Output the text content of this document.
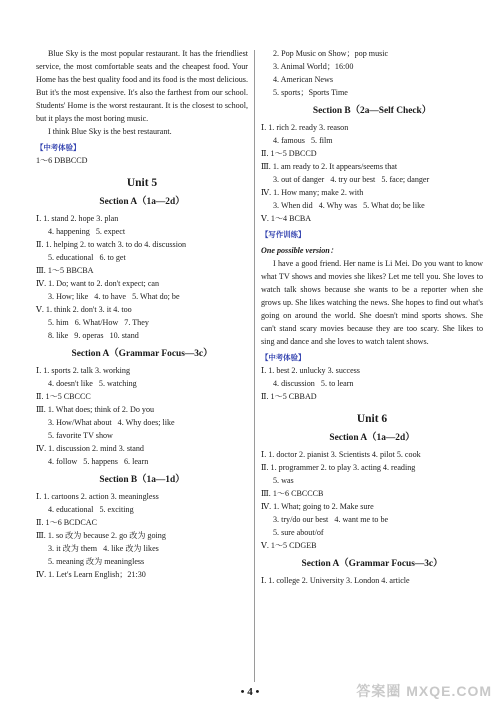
Blue Sky is the most popular restaurant. It has the friendliest service, the most comfortable seats and the cheapest food. Your Home has the best quality food and its food is the most delicious. But it's the most expensive. It's also the farthest from our school. Students' Home is the worst restaurant. It is the closest to school, but it plays the most boring music.

I think Blue Sky is the best restaurant.

【中考体验】
1～6 DBBCCD
Unit 5
Section A（1a—2d）
Ⅰ. 1. stand 2. hope 3. plan
4. happening   5. expect
Ⅱ. 1. helping 2. to watch 3. to do 4. discussion
5. educational   6. to get
Ⅲ. 1～5 BBCBA
Ⅳ. 1. Do; want to 2. don't expect; can
3. How; like   4. to have   5. What do; be
Ⅴ. 1. think 2. don't 3. it 4. too
5. him   6. What/How   7. They
8. like   9. operas   10. stand
Section A（Grammar Focus—3c）
Ⅰ. 1. sports 2. talk 3. working
4. doesn't like   5. watching
Ⅱ. 1～5 CBCCC
Ⅲ. 1. What does; think of 2. Do you
3. How/What about   4. Why does; like
5. favorite TV show
Ⅳ. 1. discussion 2. mind 3. stand
4. follow   5. happens   6. learn
Section B（1a—1d）
Ⅰ. 1. cartoons 2. action 3. meaningless
4. educational   5. exciting
Ⅱ. 1～6 BCDCAC
Ⅲ. 1. so 改为 because 2. go 改为 going
3. it 改为 them   4. like 改为 likes
5. meaning 改为 meaningless
Ⅳ. 1. Let's Learn English；21:30
2. Pop Music on Show；pop music
3. Animal World；16:00
4. American News
5. sports；Sports Time
Section B（2a—Self Check）
Ⅰ. 1. rich 2. ready 3. reason
4. famous   5. film
Ⅱ. 1～5 DBCCD
Ⅲ. 1. am ready to 2. It appears/seems that
3. out of danger   4. try our best   5. face; danger
Ⅳ. 1. How many; make 2. with
3. When did   4. Why was   5. What do; be like
Ⅴ. 1～4 BCBA
【写作训练】
One possible version：

I have a good friend. Her name is Li Mei. Do you want to know what TV shows and movies she likes? Let me tell you. She loves to watch talk shows because she wants to be a reporter when she grows up. She likes watching the news. She hopes to find out what's going on around the world. She doesn't mind sports shows. She can't stand scary movies because they are too scary. She likes to sing and dance and she loves to watch talent shows.

【中考体验】
Ⅰ. 1. best 2. unlucky 3. success
4. discussion   5. to learn
Ⅱ. 1～5 CBBAD
Unit 6
Section A（1a—2d）
Ⅰ. 1. doctor 2. pianist 3. Scientists 4. pilot 5. cook
Ⅱ. 1. programmer 2. to play 3. acting 4. reading
5. was
Ⅲ. 1～6 CBCCCB
Ⅳ. 1. What; going to 2. Make sure
3. try/do our best   4. want me to be
5. sure about/of
Ⅴ. 1～5 CDGEB
Section A（Grammar Focus—3c）
Ⅰ. 1. college 2. University 3. London 4. article
• 4 •	答案圈 MXQE.COM
